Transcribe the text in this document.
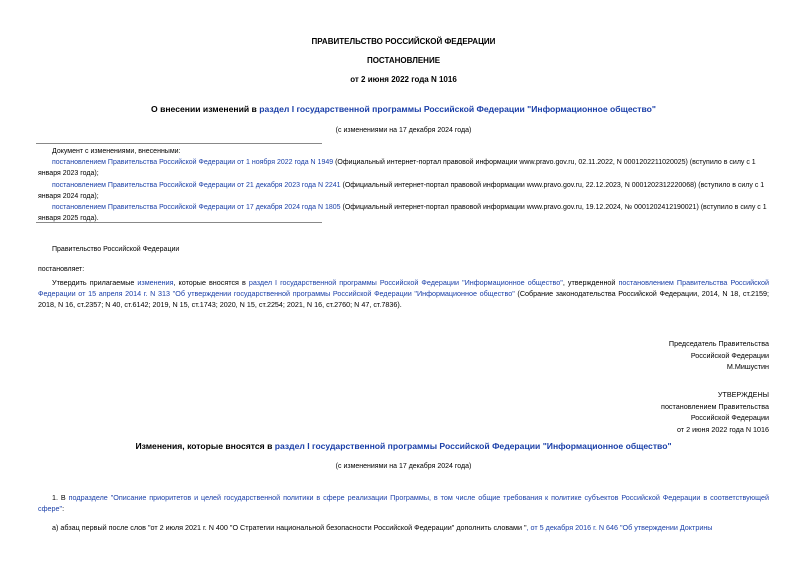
ПРАВИТЕЛЬСТВО РОССИЙСКОЙ ФЕДЕРАЦИИ
ПОСТАНОВЛЕНИЕ
от 2 июня 2022 года N 1016
О внесении изменений в раздел I государственной программы Российской Федерации "Информационное общество"
(с изменениями на 17 декабря 2024 года)
Документ с изменениями, внесенными:
постановлением Правительства Российской Федерации от 1 ноября 2022 года N 1949 (Официальный интернет-портал правовой информации www.pravo.gov.ru, 02.11.2022, N 0001202211020025) (вступило в силу с 1 января 2023 года);
постановлением Правительства Российской Федерации от 21 декабря 2023 года N 2241 (Официальный интернет-портал правовой информации www.pravo.gov.ru, 22.12.2023, N 0001202312220068) (вступило в силу с 1 января 2024 года);
постановлением Правительства Российской Федерации от 17 декабря 2024 года N 1805 (Официальный интернет-портал правовой информации www.pravo.gov.ru, 19.12.2024, № 0001202412190021) (вступило в силу с 1 января 2025 года).
Правительство Российской Федерации
постановляет:
Утвердить прилагаемые изменения, которые вносятся в раздел I государственной программы Российской Федерации "Информационное общество", утвержденной постановлением Правительства Российской Федерации от 15 апреля 2014 г. N 313 "Об утверждении государственной программы Российской Федерации "Информационное общество" (Собрание законодательства Российской Федерации, 2014, N 18, ст.2159; 2018, N 16, ст.2357; N 40, ст.6142; 2019, N 15, ст.1743; 2020, N 15, ст.2254; 2021, N 16, ст.2760; N 47, ст.7836).
Председатель Правительства
Российской Федерации
М.Мишустин
УТВЕРЖДЕНЫ
постановлением Правительства
Российской Федерации
от 2 июня 2022 года N 1016
Изменения, которые вносятся в раздел I государственной программы Российской Федерации "Информационное общество"
(с изменениями на 17 декабря 2024 года)
1. В подразделе "Описание приоритетов и целей государственной политики в сфере реализации Программы, в том числе общие требования к политике субъектов Российской Федерации в соответствующей сфере":
а) абзац первый после слов "от 2 июля 2021 г. N 400 "О Стратегии национальной безопасности Российской Федерации" дополнить словами ", от 5 декабря 2016 г. N 646 "Об утверждении Доктрины
